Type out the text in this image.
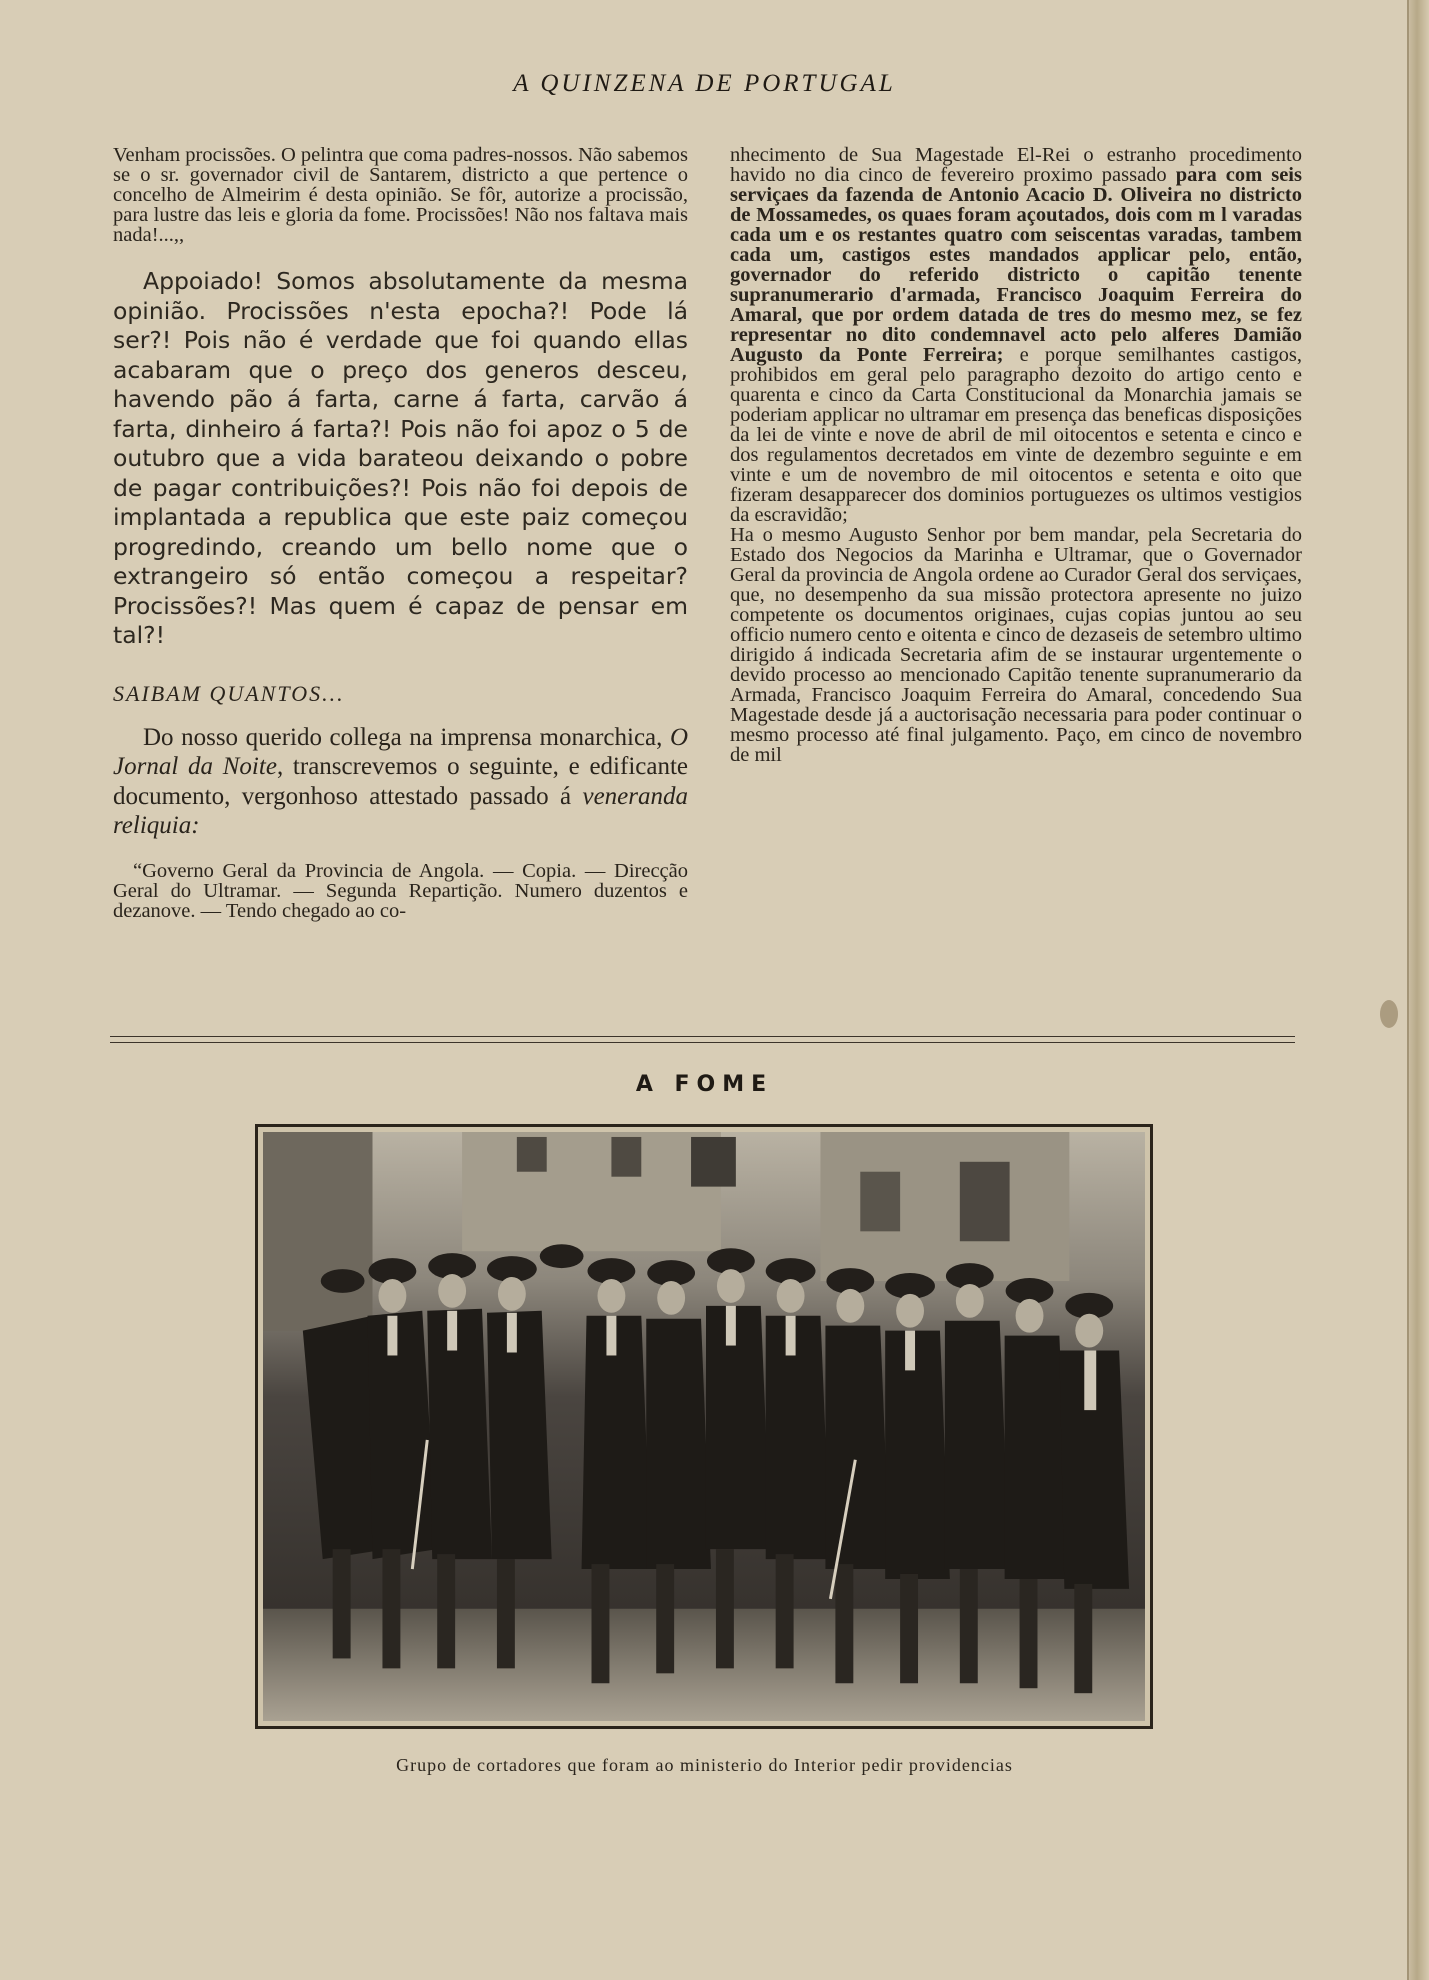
A QUINZENA DE PORTUGAL

Venham procissões. O pelintra que coma padres-nossos. Não sabemos se o sr. governador civil de Santarem, districto a que pertence o concelho de Almeirim é desta opinião. Se fôr, autorize a procissão, para lustre das leis e gloria da fome. Procissões! Não nos faltava mais nada!...,,

Appoiado! Somos absolutamente da mesma opinião. Procissões n'esta epocha?! Pode lá ser?! Pois não é verdade que foi quando ellas acabaram que o preço dos generos desceu, havendo pão á farta, carne á farta, carvão á farta, dinheiro á farta?! Pois não foi apoz o 5 de outubro que a vida barateou deixando o pobre de pagar contribuições?! Pois não foi depois de implantada a republica que este paiz começou progredindo, creando um bello nome que o extrangeiro só então começou a respeitar? Procissões?! Mas quem é capaz de pensar em tal?!

SAIBAM QUANTOS...

Do nosso querido collega na imprensa monarchica, O Jornal da Noite, transcrevemos o seguinte, e edificante documento, vergonhoso attestado passado á veneranda reliquia:

“Governo Geral da Provincia de Angola. — Copia. — Direcção Geral do Ultramar. — Segunda Repartição. Numero duzentos e dezanove. — Tendo chegado ao co-

nhecimento de Sua Magestade El-Rei o estranho procedimento havido no dia cinco de fevereiro proximo passado para com seis serviçaes da fazenda de Antonio Acacio D. Oliveira no districto de Mossamedes, os quaes foram açoutados, dois com m l varadas cada um e os restantes quatro com seiscentas varadas, tambem cada um, castigos estes mandados applicar pelo, então, governador do referido districto o capitão tenente supranumerario d'armada, Francisco Joaquim Ferreira do Amaral, que por ordem datada de tres do mesmo mez, se fez representar no dito condemnavel acto pelo alferes Damião Augusto da Ponte Ferreira; e porque semilhantes castigos, prohibidos em geral pelo paragrapho dezoito do artigo cento e quarenta e cinco da Carta Constitucional da Monarchia jamais se poderiam applicar no ultramar em presença das beneficas disposições da lei de vinte e nove de abril de mil oitocentos e setenta e cinco e dos regulamentos decretados em vinte de dezembro seguinte e em vinte e um de novembro de mil oitocentos e setenta e oito que fizeram desapparecer dos dominios portuguezes os ultimos vestigios da escravidão;

Ha o mesmo Augusto Senhor por bem mandar, pela Secretaria do Estado dos Negocios da Marinha e Ultramar, que o Governador Geral da provincia de Angola ordene ao Curador Geral dos serviçaes, que, no desempenho da sua missão protectora apresente no juizo competente os documentos originaes, cujas copias juntou ao seu officio numero cento e oitenta e cinco de dezaseis de setembro ultimo dirigido á indicada Secretaria afim de se instaurar urgentemente o devido processo ao mencionado Capitão tenente supranumerario da Armada, Francisco Joaquim Ferreira do Amaral, concedendo Sua Magestade desde já a auctorisação necessaria para poder continuar o mesmo processo até final julgamento. Paço, em cinco de novembro de mil

A FOME
Grupo de cortadores que foram ao ministerio do Interior pedir providencias
